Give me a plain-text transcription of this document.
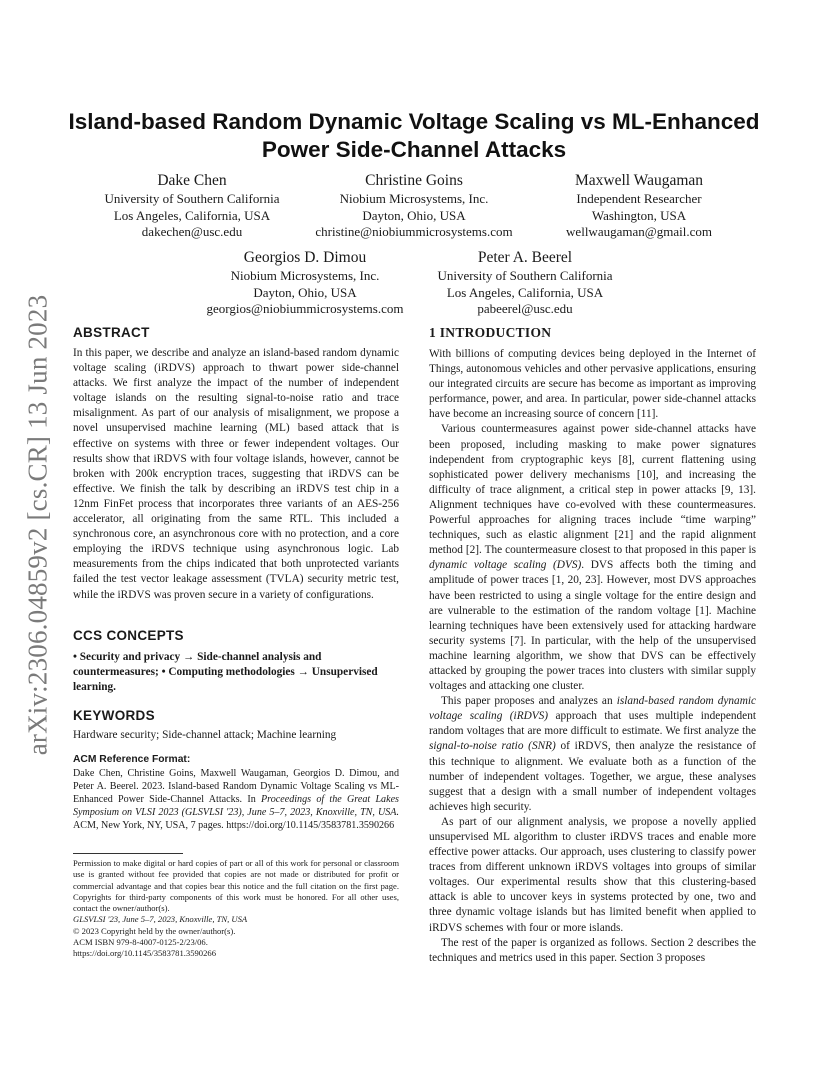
arXiv:2306.04859v2 [cs.CR] 13 Jun 2023
Island-based Random Dynamic Voltage Scaling vs ML-Enhanced
Power Side-Channel Attacks
Dake Chen
University of Southern California
Los Angeles, California, USA
dakechen@usc.edu
Christine Goins
Niobium Microsystems, Inc.
Dayton, Ohio, USA
christine@niobiummicrosystems.com
Maxwell Waugaman
Independent Researcher
Washington, USA
wellwaugaman@gmail.com
Georgios D. Dimou
Niobium Microsystems, Inc.
Dayton, Ohio, USA
georgios@niobiummicrosystems.com
Peter A. Beerel
University of Southern California
Los Angeles, California, USA
pabeerel@usc.edu
ABSTRACT

In this paper, we describe and analyze an island-based random dynamic voltage scaling (iRDVS) approach to thwart power side-channel attacks. We first analyze the impact of the number of independent voltage islands on the resulting signal-to-noise ratio and trace misalignment. As part of our analysis of misalignment, we propose a novel unsupervised machine learning (ML) based attack that is effective on systems with three or fewer independent voltages. Our results show that iRDVS with four voltage islands, however, cannot be broken with 200k encryption traces, suggesting that iRDVS can be effective. We finish the talk by describing an iRDVS test chip in a 12nm FinFet process that incorporates three variants of an AES-256 accelerator, all originating from the same RTL. This included a synchronous core, an asynchronous core with no protection, and a core employing the iRDVS technique using asynchronous logic. Lab measurements from the chips indicated that both unprotected variants failed the test vector leakage assessment (TVLA) security metric test, while the iRDVS was proven secure in a variety of configurations.

CCS CONCEPTS

• Security and privacy → Side-channel analysis and countermeasures; • Computing methodologies → Unsupervised learning.

KEYWORDS

Hardware security; Side-channel attack; Machine learning

ACM Reference Format:

Dake Chen, Christine Goins, Maxwell Waugaman, Georgios D. Dimou, and Peter A. Beerel. 2023. Island-based Random Dynamic Voltage Scaling vs ML-Enhanced Power Side-Channel Attacks. In Proceedings of the Great Lakes Symposium on VLSI 2023 (GLSVLSI '23), June 5–7, 2023, Knoxville, TN, USA. ACM, New York, NY, USA, 7 pages. https://doi.org/10.1145/3583781.3590266

Permission to make digital or hard copies of part or all of this work for personal or classroom use is granted without fee provided that copies are not made or distributed for profit or commercial advantage and that copies bear this notice and the full citation on the first page. Copyrights for third-party components of this work must be honored. For all other uses, contact the owner/author(s).
GLSVLSI '23, June 5–7, 2023, Knoxville, TN, USA
© 2023 Copyright held by the owner/author(s).
ACM ISBN 979-8-4007-0125-2/23/06.
https://doi.org/10.1145/3583781.3590266
1 INTRODUCTION

With billions of computing devices being deployed in the Internet of Things, autonomous vehicles and other pervasive applications, ensuring our integrated circuits are secure has become as important as improving performance, power, and area. In particular, power side-channel attacks have become an increasing source of concern [11].

Various countermeasures against power side-channel attacks have been proposed, including masking to make power signatures independent from cryptographic keys [8], current flattening using sophisticated power delivery mechanisms [10], and increasing the difficulty of trace alignment, a critical step in power attacks [9, 13]. Alignment techniques have co-evolved with these countermeasures. Powerful approaches for aligning traces include “time warping” techniques, such as elastic alignment [21] and the rapid alignment method [2]. The countermeasure closest to that proposed in this paper is dynamic voltage scaling (DVS). DVS affects both the timing and amplitude of power traces [1, 20, 23]. However, most DVS approaches have been restricted to using a single voltage for the entire design and are vulnerable to the estimation of the random voltage [1]. Machine learning techniques have been extensively used for attacking hardware security systems [7]. In particular, with the help of the unsupervised machine learning algorithm, we show that DVS can be effectively attacked by grouping the power traces into clusters with similar supply voltages and attacking one cluster.

This paper proposes and analyzes an island-based random dynamic voltage scaling (iRDVS) approach that uses multiple independent random voltages that are more difficult to estimate. We first analyze the signal-to-noise ratio (SNR) of iRDVS, then analyze the resistance of this technique to alignment. We evaluate both as a function of the number of independent voltages. Together, we argue, these analyses suggest that a design with a small number of independent voltages achieves high security.

As part of our alignment analysis, we propose a novelly applied unsupervised ML algorithm to cluster iRDVS traces and enable more effective power attacks. Our approach, uses clustering to classify power traces from different unknown iRDVS voltages into groups of similar voltages. Our experimental results show that this clustering-based attack is able to uncover keys in systems protected by one, two and three dynamic voltage islands but has limited benefit when applied to iRDVS schemes with four or more islands.

The rest of the paper is organized as follows. Section 2 describes the techniques and metrics used in this paper. Section 3 proposes
